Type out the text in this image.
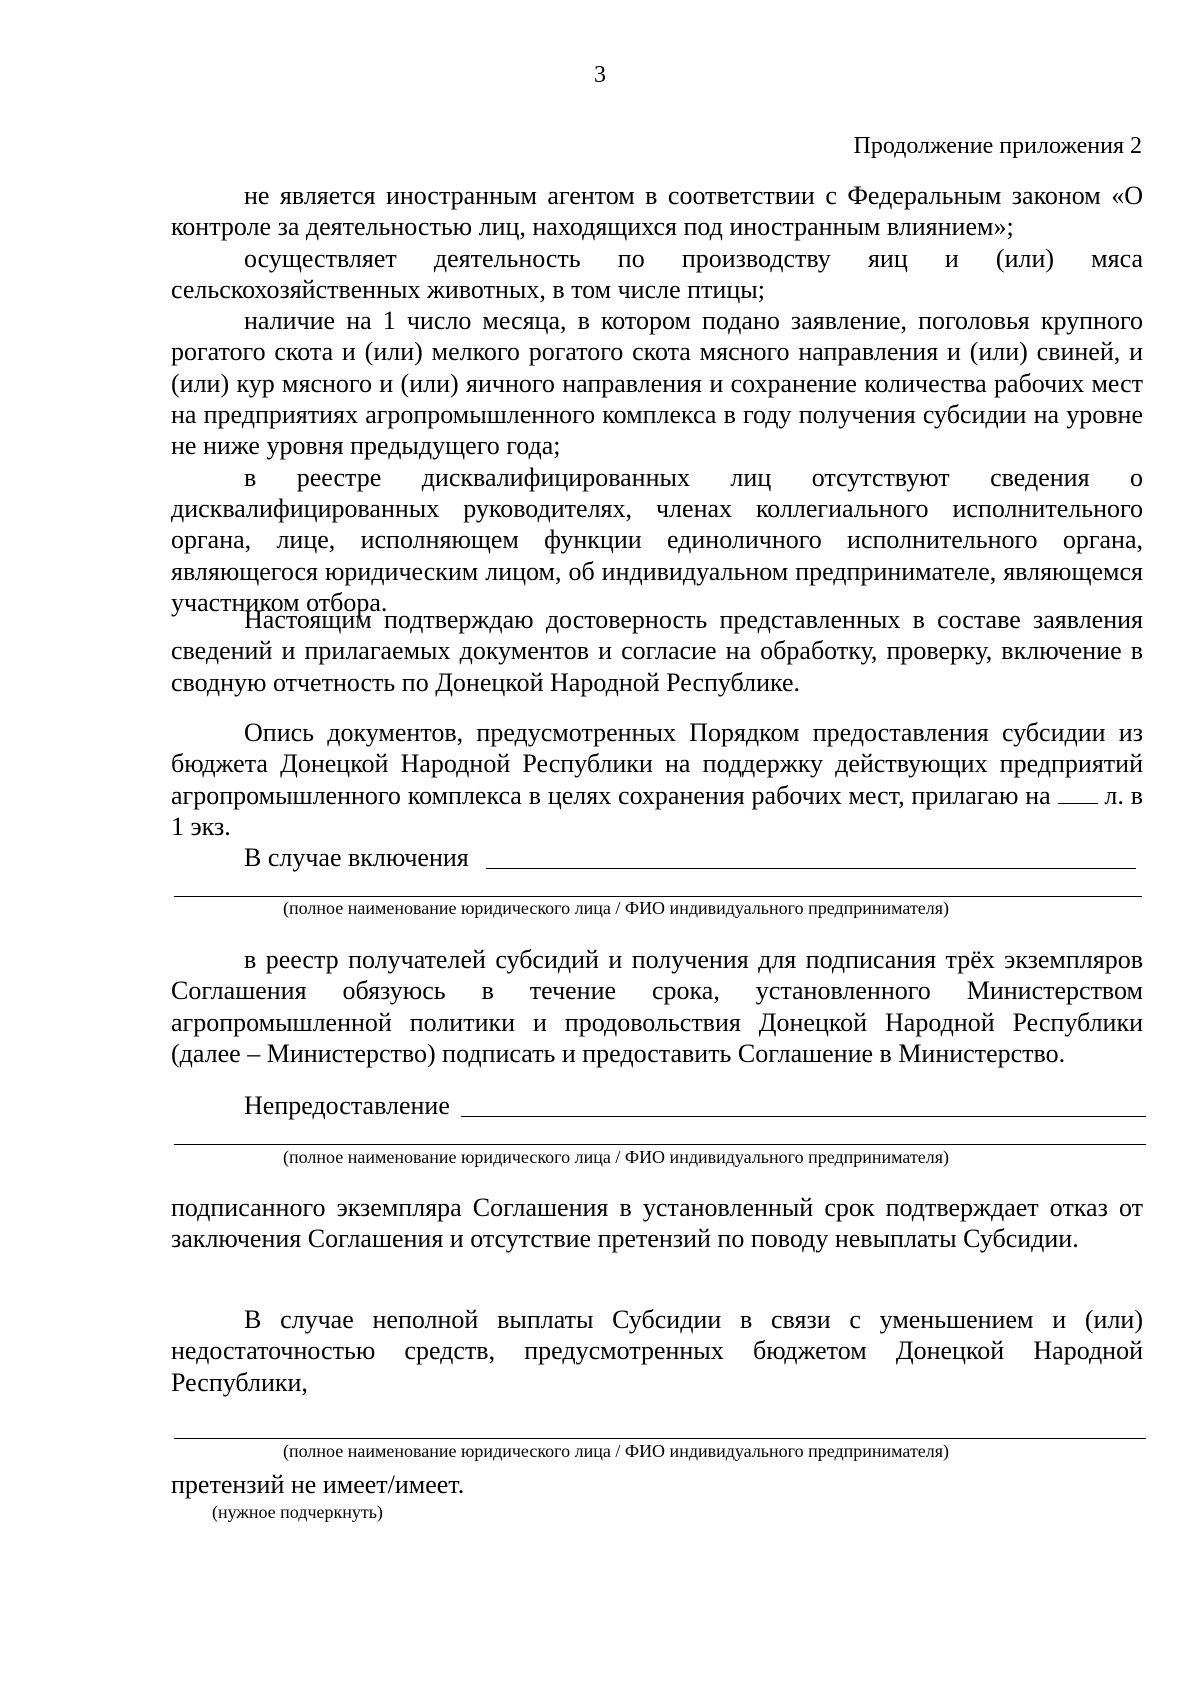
3
Продолжение приложения 2

не является иностранным агентом в соответствии с Федеральным законом «О контроле за деятельностью лиц, находящихся под иностранным влиянием»;

осуществляет деятельность по производству яиц и (или) мяса сельскохозяйственных животных, в том числе птицы;

наличие на 1 число месяца, в котором подано заявление, поголовья крупного рогатого скота и (или) мелкого рогатого скота мясного направления и (или) свиней, и (или) кур мясного и (или) яичного направления и сохранение количества рабочих мест на предприятиях агропромышленного комплекса в году получения субсидии на уровне не ниже уровня предыдущего года;

в реестре дисквалифицированных лиц отсутствуют сведения о дисквалифицированных руководителях, членах коллегиального исполнительного органа, лице, исполняющем функции единоличного исполнительного органа, являющегося юридическим лицом, об индивидуальном предпринимателе, являющемся участником отбора.

Настоящим подтверждаю достоверность представленных в составе заявления сведений и прилагаемых документов и согласие на обработку, проверку, включение в сводную отчетность по Донецкой Народной Республике.

Опись документов, предусмотренных Порядком предоставления субсидии из бюджета Донецкой Народной Республики на поддержку действующих предприятий агропромышленного комплекса в целях сохранения рабочих мест, прилагаю на л. в 1 экз.

В случае включения
(полное наименование юридического лица / ФИО индивидуального предпринимателя)

в реестр получателей субсидий и получения для подписания трёх экземпляров Соглашения обязуюсь в течение срока, установленного Министерством агропромышленной политики и продовольствия Донецкой Народной Республики (далее – Министерство) подписать и предоставить Соглашение в Министерство.

Непредоставление
(полное наименование юридического лица / ФИО индивидуального предпринимателя)

подписанного экземпляра Соглашения в установленный срок подтверждает отказ от заключения Соглашения и отсутствие претензий по поводу невыплаты Субсидии.

В случае неполной выплаты Субсидии в связи с уменьшением и (или) недостаточностью средств, предусмотренных бюджетом Донецкой Народной Республики,

(полное наименование юридического лица / ФИО индивидуального предпринимателя)
претензий не имеет/имеет.
(нужное подчеркнуть)
